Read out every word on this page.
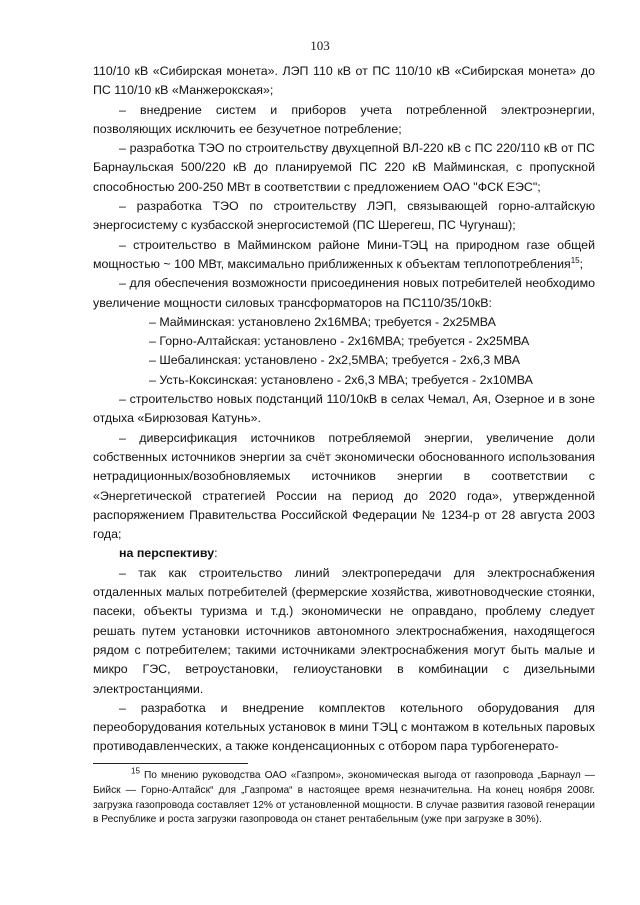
103

110/10 кВ «Сибирская монета». ЛЭП 110 кВ от ПС 110/10 кВ «Сибирская монета» до ПС 110/10 кВ «Манжерокская»;

– внедрение систем и приборов учета потребленной электроэнергии, позволяющих исключить ее безучетное потребление;

– разработка ТЭО по строительству двухцепной ВЛ-220 кВ с ПС 220/110 кВ от ПС Барнаульская 500/220 кВ до планируемой ПС 220 кВ Майминская, с пропускной способностью 200-250 МВт в соответствии с предложением ОАО "ФСК ЕЭС";

– разработка ТЭО по строительству ЛЭП, связывающей горно-алтайскую энергосистему с кузбасской энергосистемой (ПС Шерегеш, ПС Чугунаш);

– строительство в Майминском районе Мини-ТЭЦ на природном газе общей мощностью ~ 100 МВт, максимально приближенных к объектам теплопотребления$^{15}$;

– для обеспечения возможности присоединения новых потребителей необходимо увеличение мощности силовых трансформаторов на ПС110/35/10кВ:

– Майминская: установлено 2х16МВА; требуется - 2х25МВА

– Горно-Алтайская: установлено - 2х16МВА; требуется - 2х25МВА

– Шебалинская: установлено - 2х2,5МВА; требуется - 2х6,3 МВА

– Усть-Коксинская: установлено - 2х6,3 МВА; требуется - 2х10МВА

– строительство новых подстанций 110/10кВ в селах Чемал, Ая, Озерное и в зоне отдыха «Бирюзовая Катунь».

– диверсификация источников потребляемой энергии, увеличение доли собственных источников энергии за счёт экономически обоснованного использования нетрадиционных/возобновляемых источников энергии в соответствии с «Энергетической стратегией России на период до 2020 года», утвержденной распоряжением Правительства Российской Федерации № 1234-р от 28 августа 2003 года;

на перспективу:

– так как строительство линий электропередачи для электроснабжения отдаленных малых потребителей (фермерские хозяйства, животноводческие стоянки, пасеки, объекты туризма и т.д.) экономически не оправдано, проблему следует решать путем установки источников автономного электроснабжения, находящегося рядом с потребителем; такими источниками электроснабжения могут быть малые и микро ГЭС, ветроустановки, гелиоустановки в комбинации с дизельными электростанциями.

– разработка и внедрение комплектов котельного оборудования для переоборудования котельных установок в мини ТЭЦ с монтажом в котельных паровых противодавленческих, а также конденсационных с отбором пара турбогенерато-

$^{15}$ По мнению руководства ОАО «Газпром», экономическая выгода от газопровода „Барнаул — Бийск — Горно-Алтайск“ для „Газпрома“ в настоящее время незначительна. На конец ноября 2008г. загрузка газопровода составляет 12% от установленной мощности. В случае развития газовой генерации в Республике и роста загрузки газопровода он станет рентабельным (уже при загрузке в 30%).
